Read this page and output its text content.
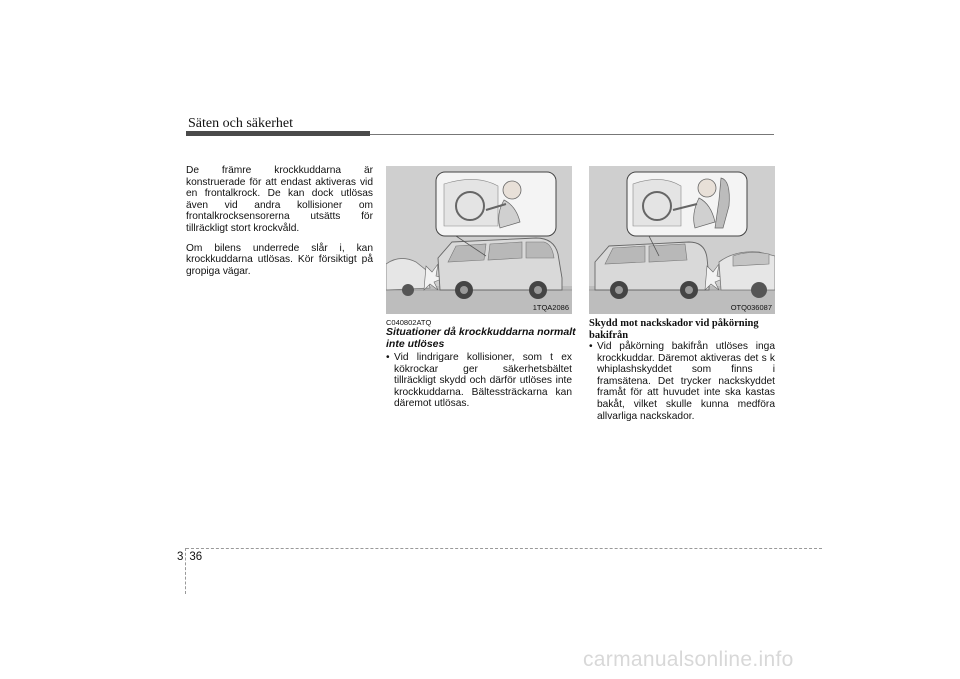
Säten och säkerhet

De främre krockkuddarna är konstruerade för att endast aktiveras vid en frontalkrock. De kan dock utlösas även vid andra kollisioner om frontalkrocksensorerna utsätts för tillräckligt stort krockvåld.

Om bilens underrede slår i, kan krockkuddarna utlösas. Kör försiktigt på gropiga vägar.

1TQA2086
C040802ATQ
Situationer då krockkuddarna normalt inte utlöses
• Vid lindrigare kollisioner, som t ex kökrockar ger säkerhetsbältet tillräckligt skydd och därför utlöses inte krockkuddarna. Bältessträckarna kan däremot utlösas.
OTQ036087
Skydd mot nackskador vid påkörning bakifrån
• Vid påkörning bakifrån utlöses inga krockkuddar. Däremot aktiveras det s k whiplashskyddet som finns i framsätena. Det trycker nackskyddet framåt för att huvudet inte ska kastas bakåt, vilket skulle kunna medföra allvarliga nackskador.
3 36
carmanualsonline.info
